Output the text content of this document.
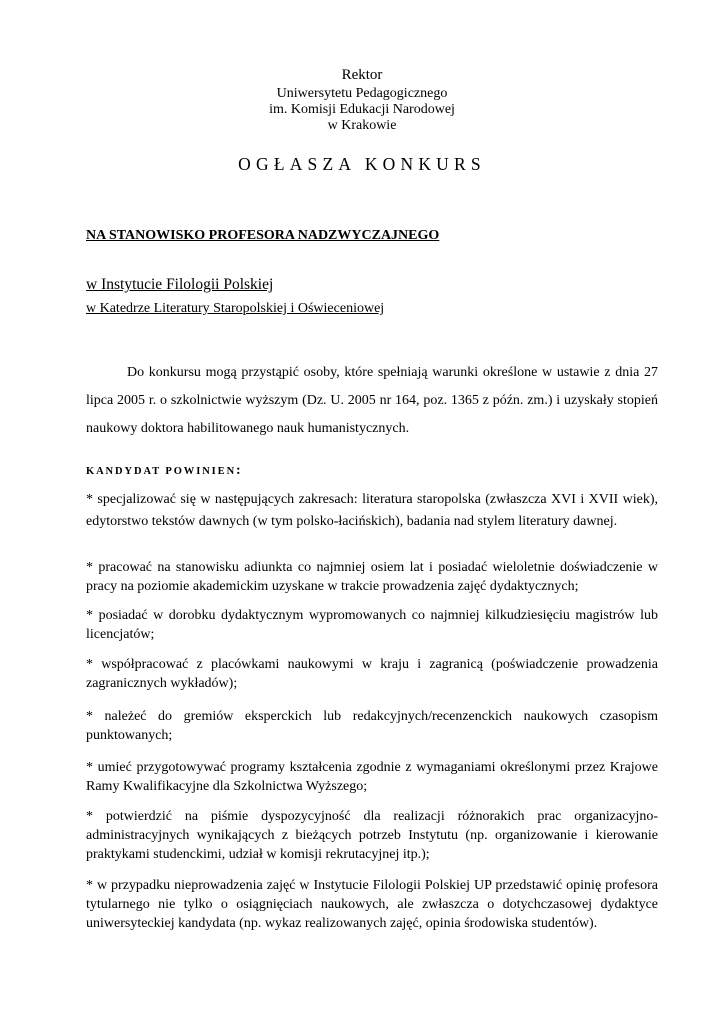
Rektor
Uniwersytetu Pedagogicznego
im. Komisji Edukacji Narodowej
w Krakowie
OGŁASZA KONKURS
NA STANOWISKO PROFESORA NADZWYCZAJNEGO
w Instytucie Filologii Polskiej
w Katedrze Literatury Staropolskiej i Oświeceniowej
Do konkursu mogą przystąpić osoby, które spełniają warunki określone w ustawie z dnia 27 lipca 2005 r. o szkolnictwie wyższym (Dz. U. 2005 nr 164, poz. 1365 z późn. zm.) i uzyskały stopień naukowy doktora habilitowanego nauk humanistycznych.
KANDYDAT POWINIEN:
* specjalizować się w następujących zakresach: literatura staropolska (zwłaszcza XVI i XVII wiek), edytorstwo tekstów dawnych (w tym polsko-łacińskich), badania nad stylem literatury dawnej.
* pracować na stanowisku adiunkta co najmniej osiem lat i posiadać wieloletnie doświadczenie w pracy na poziomie akademickim uzyskane w trakcie prowadzenia zajęć dydaktycznych;
* posiadać w dorobku dydaktycznym wypromowanych co najmniej kilkudziesięciu magistrów lub licencjatów;
* współpracować z placówkami naukowymi w kraju i zagranicą (poświadczenie prowadzenia zagranicznych wykładów);
* należeć do gremiów eksperckich lub redakcyjnych/recenzenckich naukowych czasopism punktowanych;
* umieć przygotowywać programy kształcenia zgodnie z wymaganiami określonymi przez Krajowe Ramy Kwalifikacyjne dla Szkolnictwa Wyższego;
* potwierdzić na piśmie dyspozycyjność dla realizacji różnorakich prac organizacyjno-administracyjnych wynikających z bieżących potrzeb Instytutu (np. organizowanie i kierowanie praktykami studenckimi, udział w komisji rekrutacyjnej itp.);
* w przypadku nieprowadzenia zajęć w Instytucie Filologii Polskiej UP przedstawić opinię profesora tytularnego nie tylko o osiągnięciach naukowych, ale zwłaszcza o dotychczasowej dydaktyce uniwersyteckiej kandydata (np. wykaz realizowanych zajęć, opinia środowiska studentów).
